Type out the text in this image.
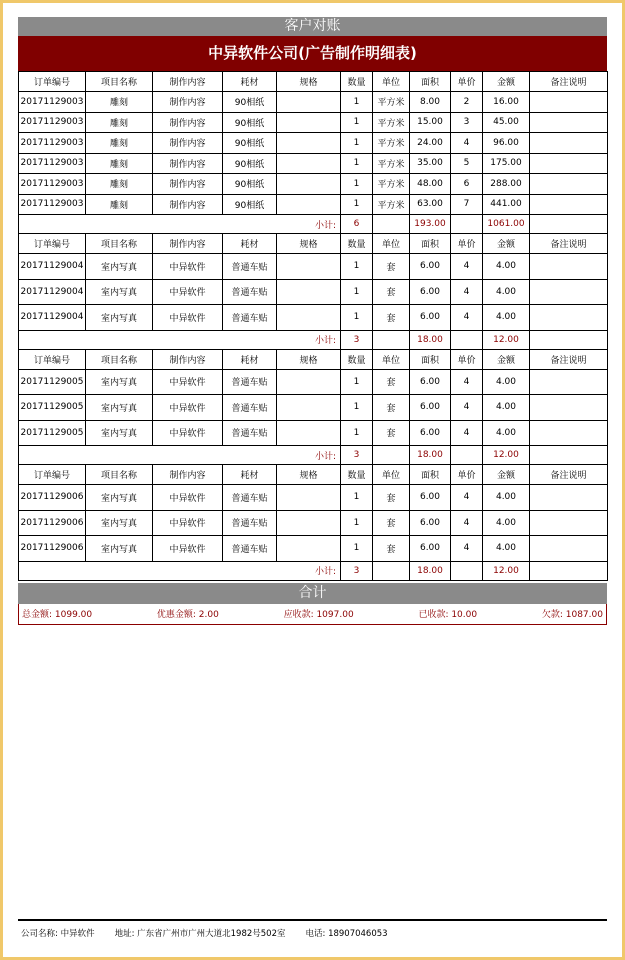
客户对账
中异软件公司(广告制作明细表)
订单编号	项目名称	制作内容	耗材	规格	数量	单位	面积	单价	金额	备注说明
20171129003	雕刻	制作内容	90相纸		1	平方米	8.00	2	16.00	
20171129003	雕刻	制作内容	90相纸		1	平方米	15.00	3	45.00	
20171129003	雕刻	制作内容	90相纸		1	平方米	24.00	4	96.00	
20171129003	雕刻	制作内容	90相纸		1	平方米	35.00	5	175.00	
20171129003	雕刻	制作内容	90相纸		1	平方米	48.00	6	288.00	
20171129003	雕刻	制作内容	90相纸		1	平方米	63.00	7	441.00	
小计:					6		193.00		1061.00	
订单编号	项目名称	制作内容	耗材	规格	数量	单位	面积	单价	金额	备注说明
20171129004	室内写真	中异软件	普通车贴		1	套	6.00	4	4.00	
20171129004	室内写真	中异软件	普通车贴		1	套	6.00	4	4.00	
20171129004	室内写真	中异软件	普通车贴		1	套	6.00	4	4.00	
小计:					3		18.00		12.00	
订单编号	项目名称	制作内容	耗材	规格	数量	单位	面积	单价	金额	备注说明
20171129005	室内写真	中异软件	普通车贴		1	套	6.00	4	4.00	
20171129005	室内写真	中异软件	普通车贴		1	套	6.00	4	4.00	
20171129005	室内写真	中异软件	普通车贴		1	套	6.00	4	4.00	
小计:					3		18.00		12.00	
订单编号	项目名称	制作内容	耗材	规格	数量	单位	面积	单价	金额	备注说明
20171129006	室内写真	中异软件	普通车贴		1	套	6.00	4	4.00	
20171129006	室内写真	中异软件	普通车贴		1	套	6.00	4	4.00	
20171129006	室内写真	中异软件	普通车贴		1	套	6.00	4	4.00	
小计:					3		18.00		12.00	
合计
总金额: 1099.00	优惠金额: 2.00	应收款: 1097.00	已收款: 10.00	欠款: 1087.00
公司名称: 中异软件 地址: 广东省广州市广州大道北1982号502室 电话: 18907046053
